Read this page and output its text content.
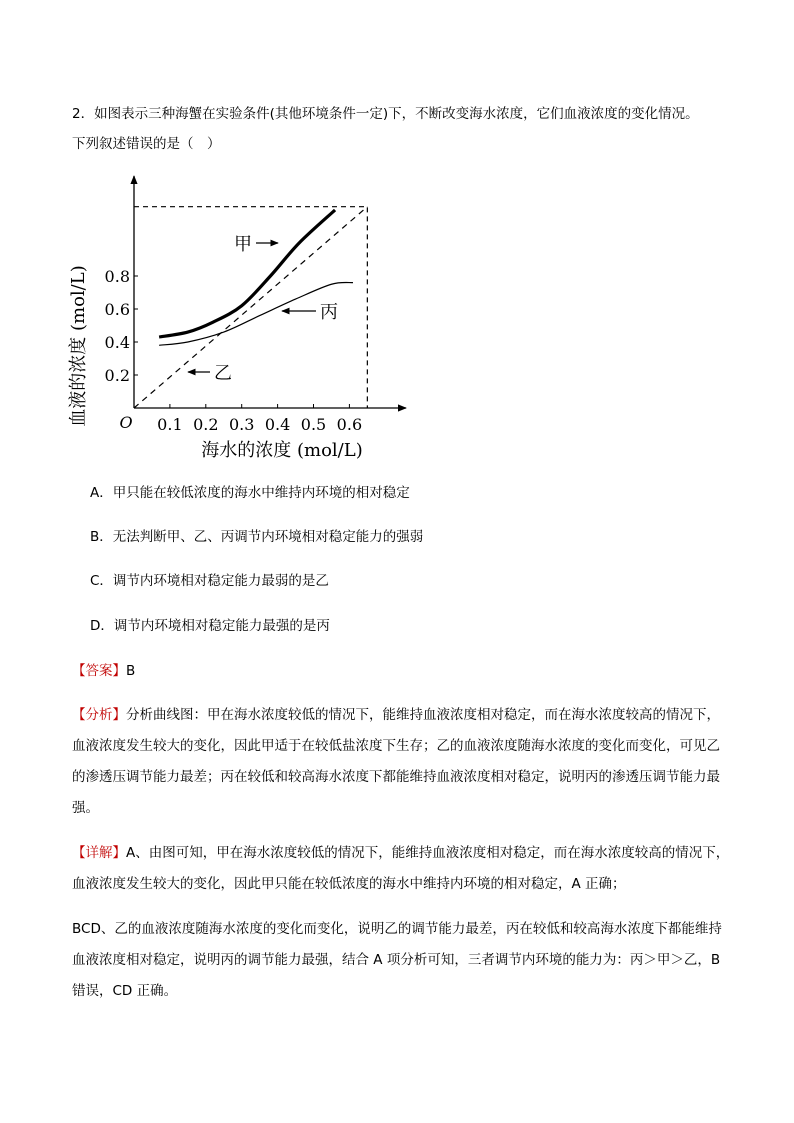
2．如图表示三种海蟹在实验条件(其他环境条件一定)下，不断改变海水浓度，它们血液浓度的变化情况。
下列叙述错误的是（　）
0.1 0.2 0.3 0.4 0.5 0.6
0.2
0.4
0.6
0.8
血液的浓度 (mol/L)
海水的浓度 (mol/L)
O
甲
丙
乙
A．甲只能在较低浓度的海水中维持内环境的相对稳定
B．无法判断甲、乙、丙调节内环境相对稳定能力的强弱
C．调节内环境相对稳定能力最弱的是乙
D．调节内环境相对稳定能力最强的是丙
【答案】B
【分析】分析曲线图：甲在海水浓度较低的情况下，能维持血液浓度相对稳定，而在海水浓度较高的情况下，血液浓度发生较大的变化，因此甲适于在较低盐浓度下生存；乙的血液浓度随海水浓度的变化而变化，可见乙的渗透压调节能力最差；丙在较低和较高海水浓度下都能维持血液浓度相对稳定，说明丙的渗透压调节能力最强。
【详解】A、由图可知，甲在海水浓度较低的情况下，能维持血液浓度相对稳定，而在海水浓度较高的情况下，血液浓度发生较大的变化，因此甲只能在较低浓度的海水中维持内环境的相对稳定，A 正确；
BCD、乙的血液浓度随海水浓度的变化而变化，说明乙的调节能力最差，丙在较低和较高海水浓度下都能维持血液浓度相对稳定，说明丙的调节能力最强，结合 A 项分析可知，三者调节内环境的能力为：丙＞甲＞乙，B 错误，CD 正确。
